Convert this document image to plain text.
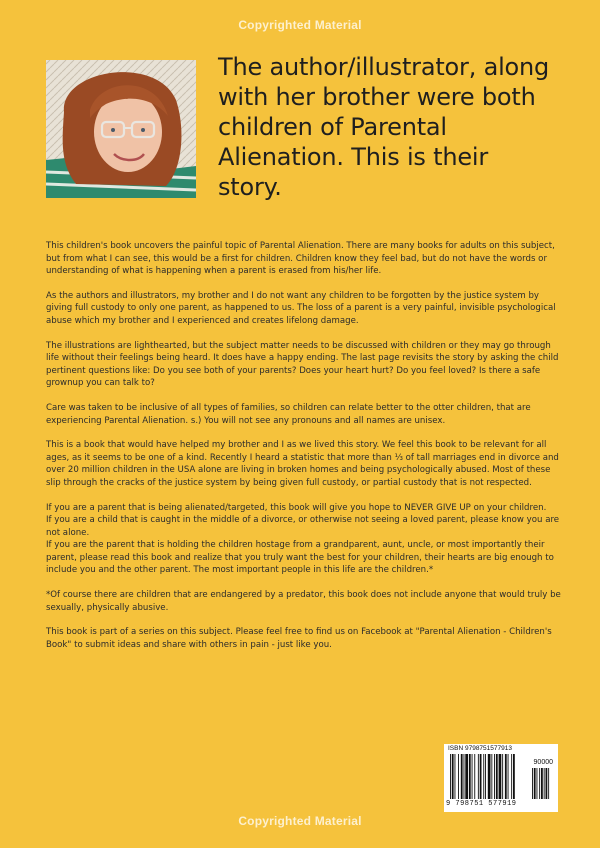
Copyrighted Material
The author/illustrator, along with her brother were both children of Parental Alienation. This is their story.

This children's book uncovers the painful topic of Parental Alienation. There are many books for adults on this subject, but from what I can see, this would be a first for children. Children know they feel bad, but do not have the words or understanding of what is happening when a parent is erased from his/her life.

As the authors and illustrators, my brother and I do not want any children to be forgotten by the justice system by giving full custody to only one parent, as happened to us. The loss of a parent is a very painful, invisible psychological abuse which my brother and I experienced and creates lifelong damage.

The illustrations are lighthearted, but the subject matter needs to be discussed with children or they may go through life without their feelings being heard. It does have a happy ending. The last page revisits the story by asking the child pertinent questions like: Do you see both of your parents? Does your heart hurt? Do you feel loved? Is there a safe grownup you can talk to?

Care was taken to be inclusive of all types of families, so children can relate better to the otter children, that are experiencing Parental Alienation. s.) You will not see any pronouns and all names are unisex.

This is a book that would have helped my brother and I as we lived this story. We feel this book to be relevant for all ages, as it seems to be one of a kind. Recently I heard a statistic that more than ⅓ of tall marriages end in divorce and over 20 million children in the USA alone are living in broken homes and being psychologically abused. Most of these slip through the cracks of the justice system by being given full custody, or partial custody that is not respected.

If you are a parent that is being alienated/targeted, this book will give you hope to NEVER GIVE UP on your children.

If you are a child that is caught in the middle of a divorce, or otherwise not seeing a loved parent, please know you are not alone.

If you are the parent that is holding the children hostage from a grandparent, aunt, uncle, or most importantly their parent, please read this book and realize that you truly want the best for your children, their hearts are big enough to include you and the other parent. The most important people in this life are the children.*

*Of course there are children that are endangered by a predator, this book does not include anyone that would truly be sexually, physically abusive.

This book is part of a series on this subject. Please feel free to find us on Facebook at "Parental Alienation - Children's Book" to submit ideas and share with others in pain - just like you.

ISBN 9798751577913
90000
9 798751 577919
Copyrighted Material
